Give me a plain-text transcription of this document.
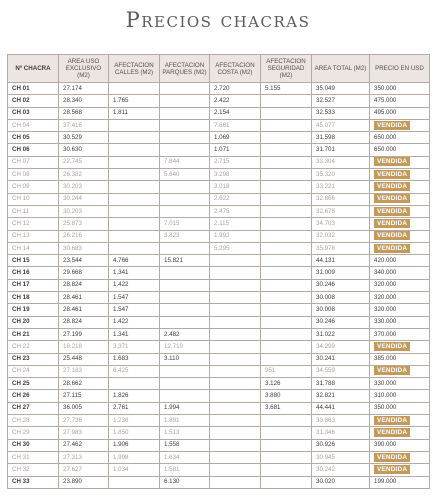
Precios chacras
Nº CHACRA	AREA USO EXCLUSIVO (M2)	AFECTACION CALLES (M2)	AFECTACION PARQUES (M2)	AFECTACION COSTA (M2)	AFECTACION SEGURIDAD (M2)	AREA TOTAL (M2)	PRECIO EN USD
CH 01	27.174			2.720	5.155	35.049	350.000
CH 02	28.340	1.765		2.422		32.527	475.000
CH 03	28.568	1.811		2.154		32.533	495.000
CH 04	37.416			7.661		45.077	VENDIDA
CH 05	30.529			1.069		31.598	650.000
CH 06	30.630			1.071		31.701	650.000
CH 07	22.745		7.844	2.715		33.304	VENDIDA
CH 08	26.382		5.640	3.298		35.320	VENDIDA
CH 09	30.203			3.018		33.221	VENDIDA
CH 10	30.244			2.622		32.866	VENDIDA
CH 11	30.203			2.475		32.678	VENDIDA
CH 12	25.873		7.015	2.115		34.703	VENDIDA
CH 13	26.216		3.823	1.993		32.032	VENDIDA
CH 14	30.683			5.295		35.978	VENDIDA
CH 15	23.544	4.766	15.821			44.131	420.000
CH 16	29.668	1.341				31.009	340.000
CH 17	28.824	1.422				30.246	320.000
CH 18	28.461	1.547				30.008	320.000
CH 19	28.461	1.547				30.008	320.000
CH 20	28.824	1.422				30.246	330.000
CH 21	27.199	1.341	2.482			31.022	370.000
CH 22	18.218	3.371	12.710			34.299	VENDIDA
CH 23	25.448	1.683	3.110			30.241	385.000
CH 24	27.183	6.425			951	34.559	VENDIDA
CH 25	28.662				3.126	31.788	330.000
CH 26	27.115	1.826			3.880	32.821	310.000
CH 27	36.005	2.761	1.994		3.681	44.441	350.000
CH 28	27.736	1.236	1.891			30.863	VENDIDA
CH 29	27.983	1.850	1.513			31.346	VENDIDA
CH 30	27.462	1.906	1.558			30.926	390.000
CH 31	27.313	1.998	1.634			30.945	VENDIDA
CH 32	27.627	1.034	1.581			30.242	VENDIDA
CH 33	23.890		6.130			30.020	199.000
